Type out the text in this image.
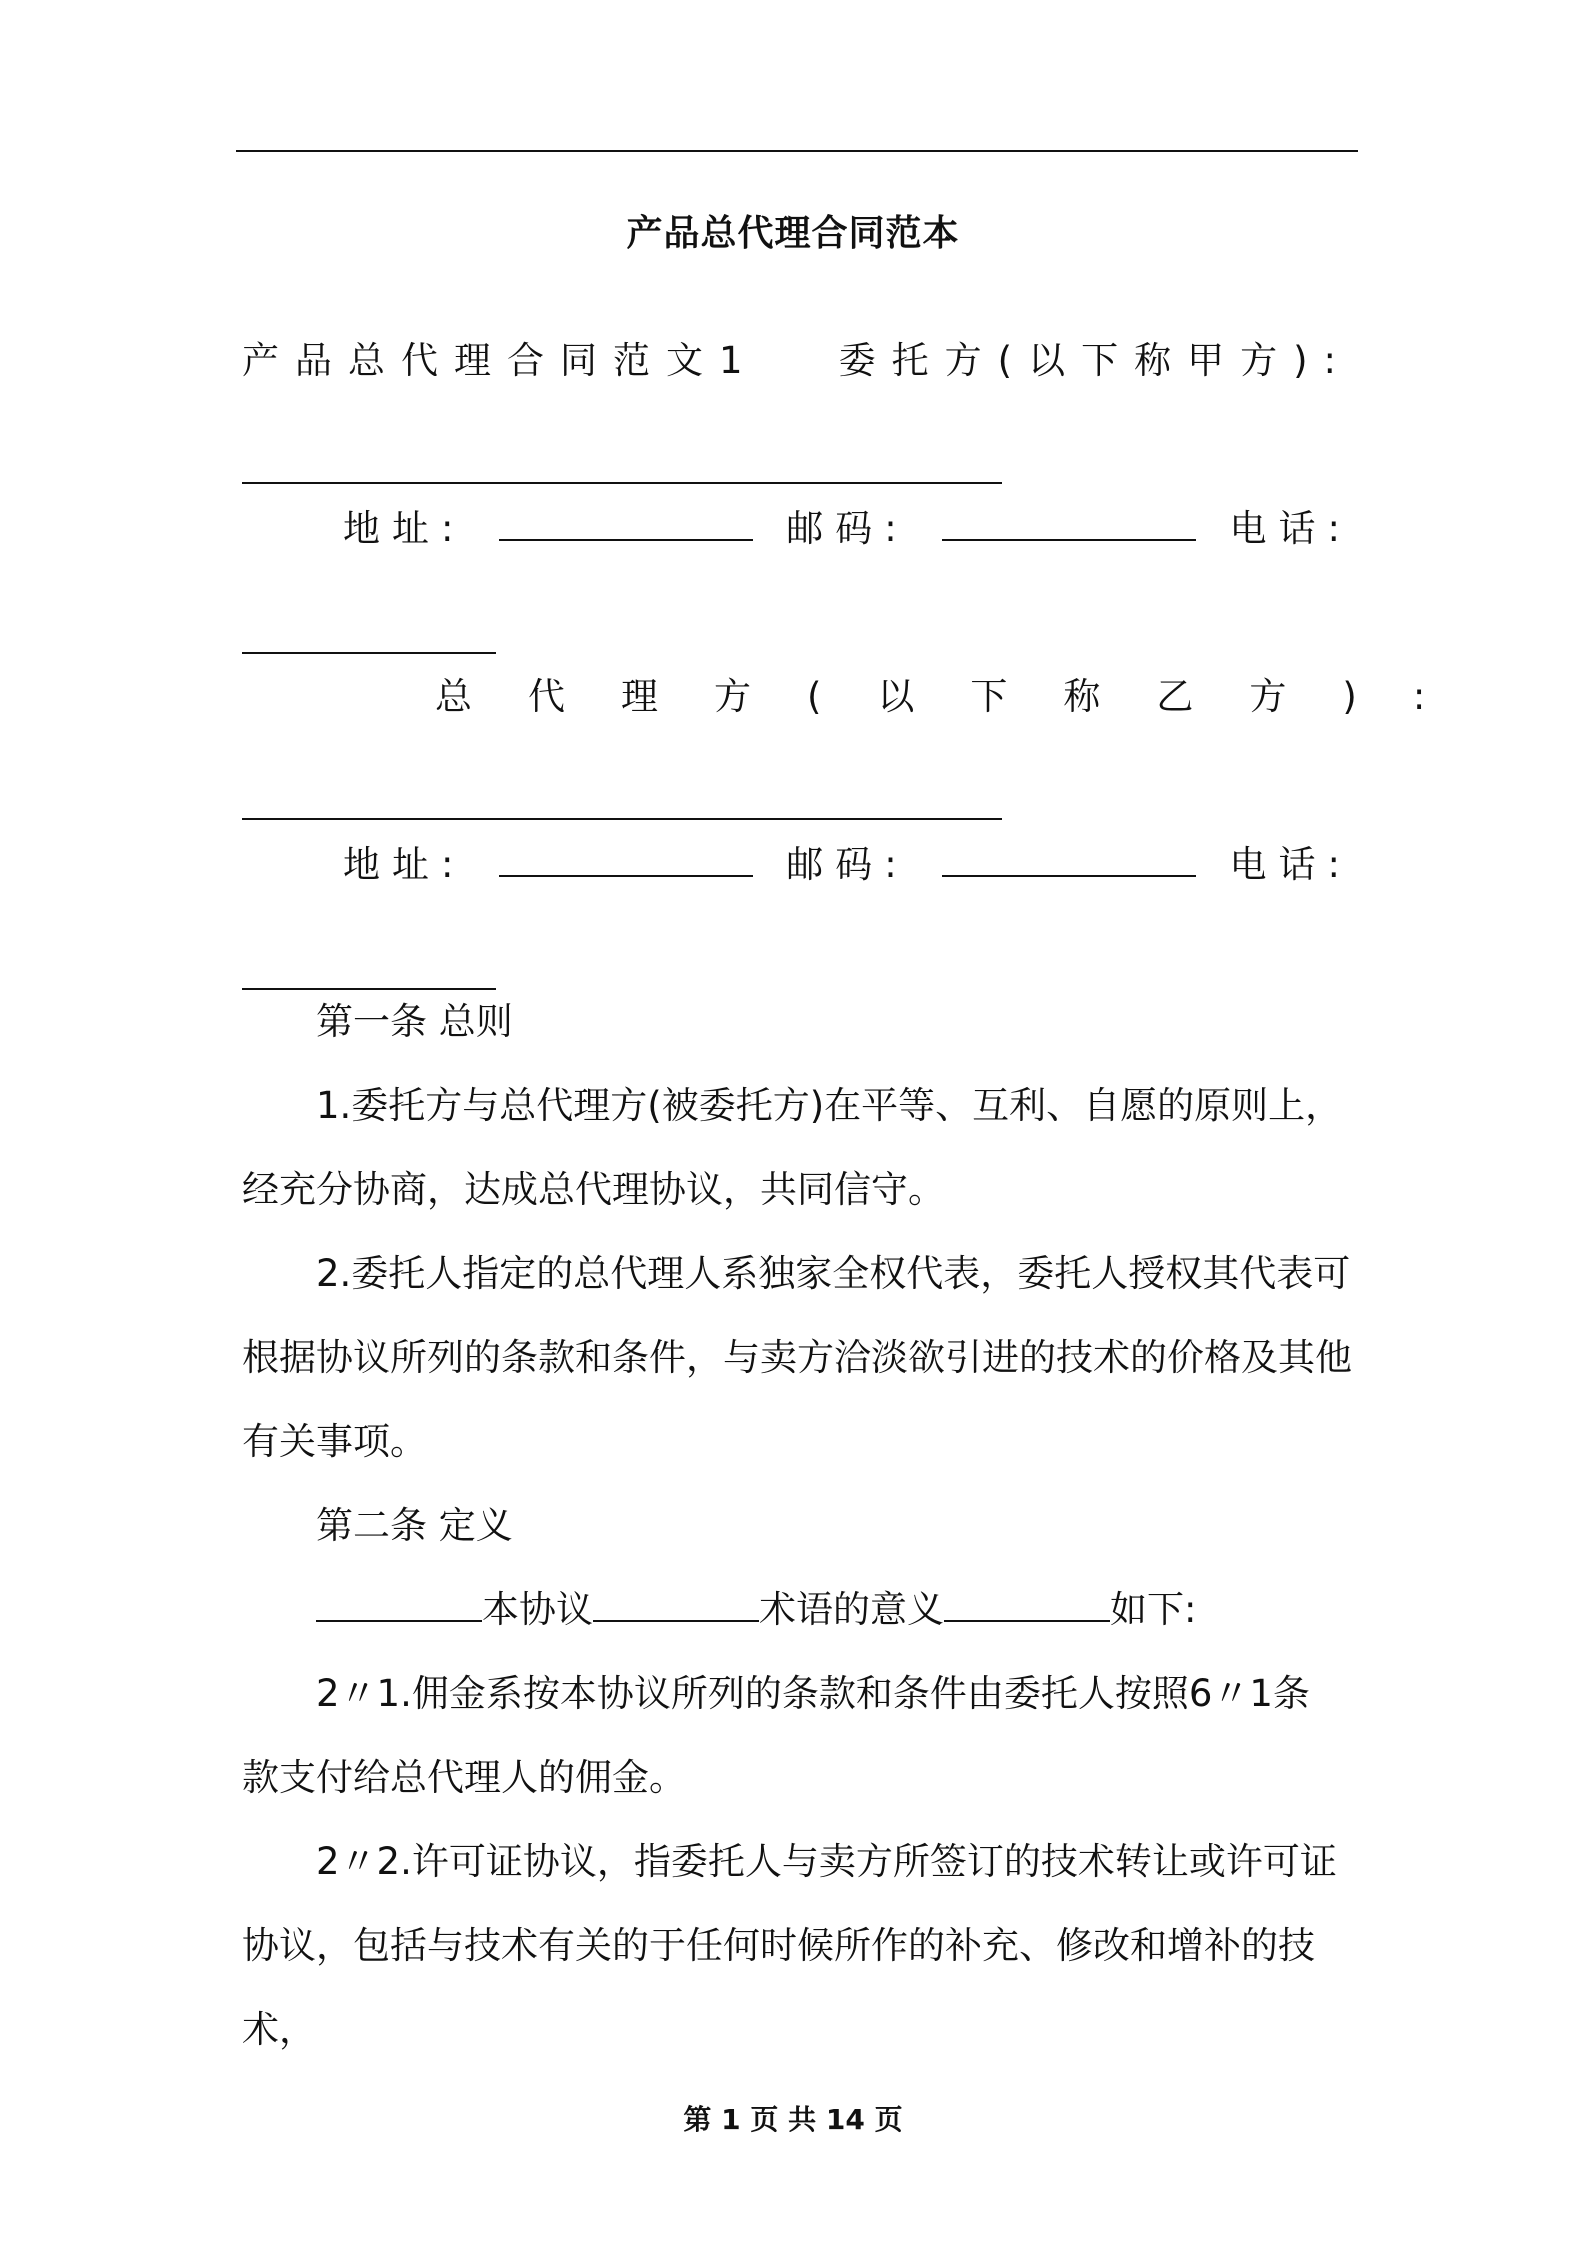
产品总代理合同范本
产品总代理合同范文1 委托方(以下称甲方):
地址:	邮码:	电话:
总代理方(以下称乙方):
地址:	邮码:	电话:
第一条 总则
1.委托方与总代理方(被委托方)在平等、互利、自愿的原则上，
经充分协商，达成总代理协议，共同信守。
2.委托人指定的总代理人系独家全权代表，委托人授权其代表可
根据协议所列的条款和条件，与卖方洽淡欲引进的技术的价格及其他
有关事项。
第二条 定义
本协议	术语的意义	如下:
2〃1.佣金系按本协议所列的条款和条件由委托人按照6〃1条
款支付给总代理人的佣金。
2〃2.许可证协议，指委托人与卖方所签订的技术转让或许可证
协议，包括与技术有关的于任何时候所作的补充、修改和增补的技术，
第 1 页 共 14 页
